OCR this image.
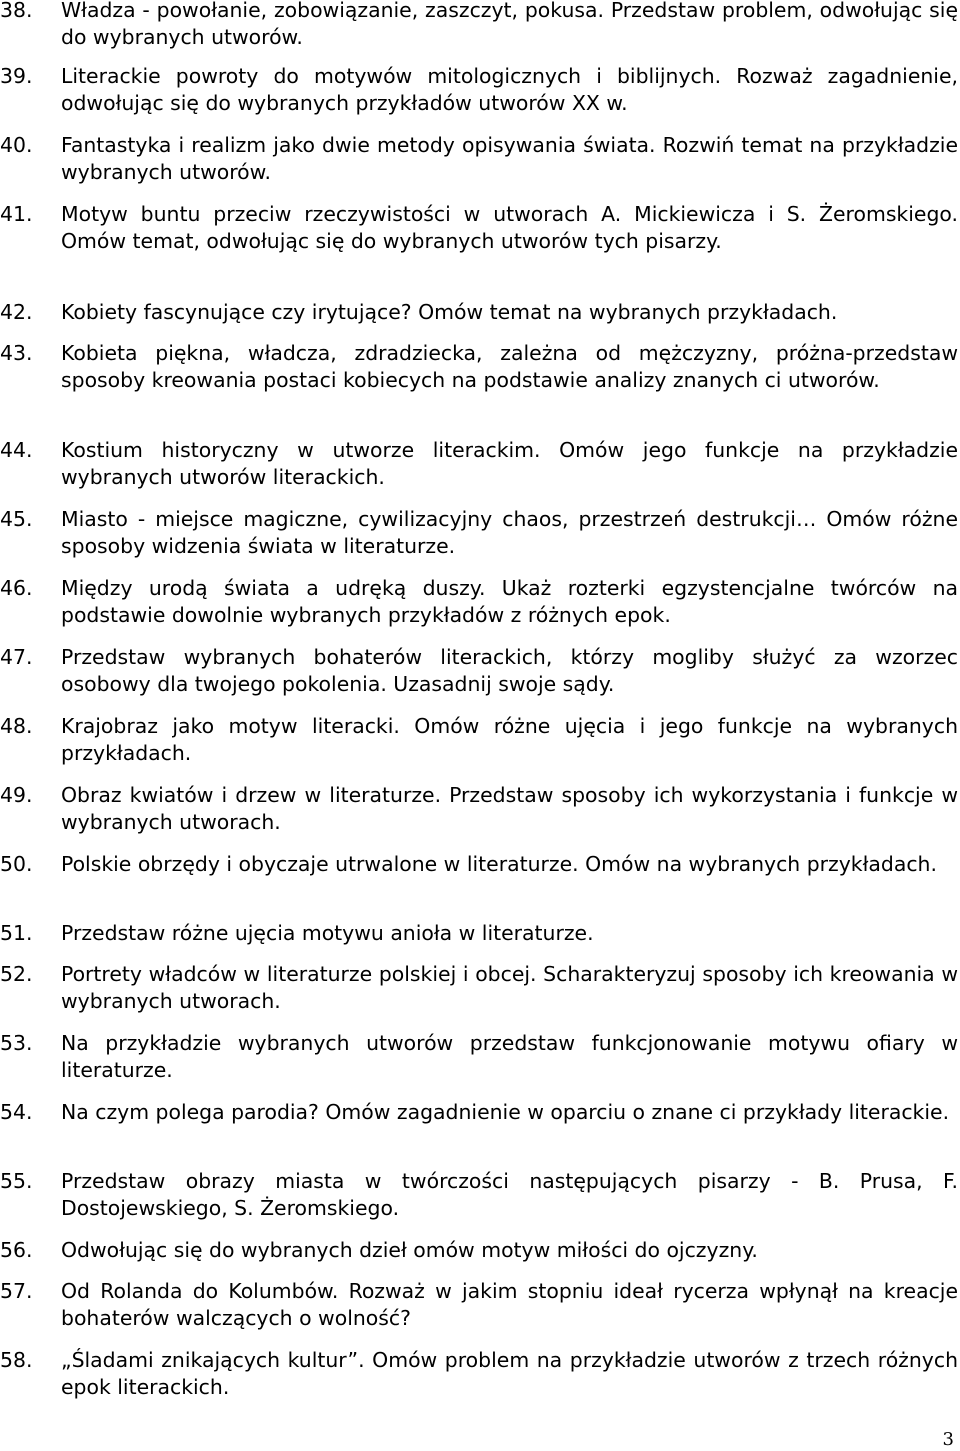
38.	Władza - powołanie, zobowiązanie, zaszczyt, pokusa. Przedstaw problem, odwołując się do wybranych utworów.
39.	Literackie powroty do motywów mitologicznych i biblijnych. Rozważ zagadnienie, odwołując się do wybranych przykładów utworów XX w.
40.	Fantastyka i realizm jako dwie metody opisywania świata. Rozwiń temat na przykładzie wybranych utworów.
41.	Motyw buntu przeciw rzeczywistości w utworach A. Mickiewicza i S. Żeromskiego. Omów temat, odwołując się do wybranych utworów tych pisarzy.
42.	Kobiety fascynujące czy irytujące? Omów temat na wybranych przykładach.
43.	Kobieta piękna, władcza, zdradziecka, zależna od mężczyzny, próżna-przedstaw sposoby kreowania postaci kobiecych na podstawie analizy znanych ci utworów.
44.	Kostium historyczny w utworze literackim. Omów jego funkcje na przykładzie wybranych utworów literackich.
45.	Miasto - miejsce magiczne, cywilizacyjny chaos, przestrzeń destrukcji… Omów różne sposoby widzenia świata w literaturze.
46.	Między urodą świata a udręką duszy. Ukaż rozterki egzystencjalne twórców na podstawie dowolnie wybranych przykładów z różnych epok.
47.	Przedstaw wybranych bohaterów literackich, którzy mogliby służyć za wzorzec osobowy dla twojego pokolenia. Uzasadnij swoje sądy.
48.	Krajobraz jako motyw literacki. Omów różne ujęcia i jego funkcje na wybranych przykładach.
49.	Obraz kwiatów i drzew w literaturze. Przedstaw sposoby ich wykorzystania i funkcje w wybranych utworach.
50.	Polskie obrzędy i obyczaje utrwalone w literaturze. Omów na wybranych przykładach.
51.	Przedstaw różne ujęcia motywu anioła w literaturze.
52.	Portrety władców w literaturze polskiej i obcej. Scharakteryzuj sposoby ich kreowania w wybranych utworach.
53.	Na przykładzie wybranych utworów przedstaw funkcjonowanie motywu ofiary w literaturze.
54.	Na czym polega parodia? Omów zagadnienie w oparciu o znane ci przykłady literackie.
55.	Przedstaw obrazy miasta w twórczości następujących pisarzy - B. Prusa, F. Dostojewskiego, S. Żeromskiego.
56.	Odwołując się do wybranych dzieł omów motyw miłości do ojczyzny.
57.	Od Rolanda do Kolumbów. Rozważ w jakim stopniu ideał rycerza wpłynął na kreacje bohaterów walczących o wolność?
58.	„Śladami znikających kultur”. Omów problem na przykładzie utworów z trzech różnych epok literackich.
3
